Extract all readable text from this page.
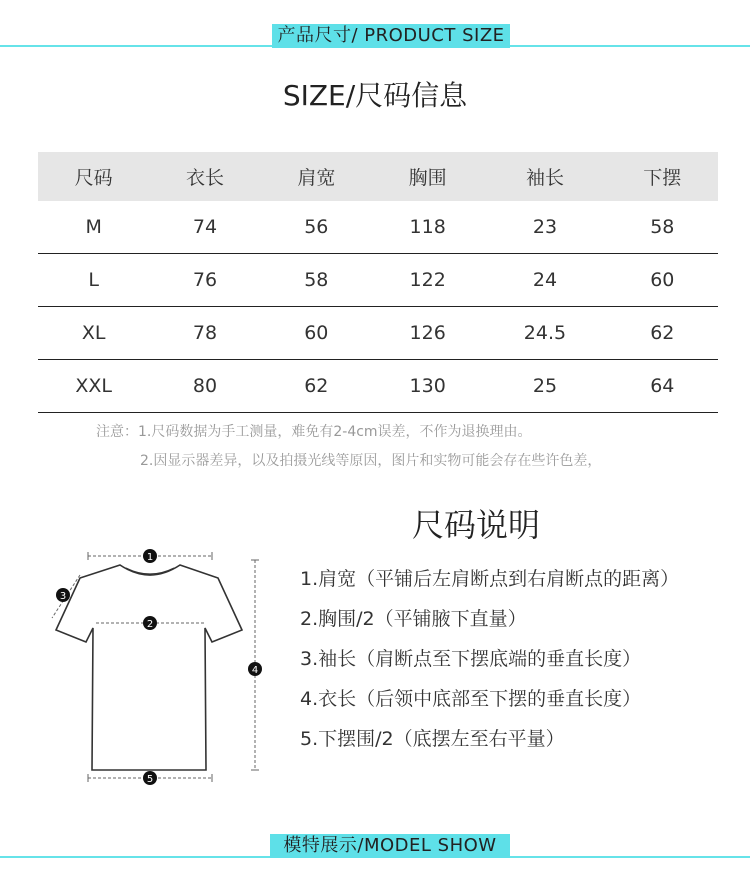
产品尺寸/ PRODUCT SIZE
SIZE/尺码信息
尺码	衣长	肩宽	胸围	袖长	下摆
M	74	56	118	23	58
L	76	58	122	24	60
XL	78	60	126	24.5	62
XXL	80	62	130	25	64
注意：1.尺码数据为手工测量，难免有2-4cm误差，不作为退换理由。
2.因显示器差异，以及拍摄光线等原因，图片和实物可能会存在些许色差，
尺码说明
1
2
3
4
5
1.肩宽（平铺后左肩断点到右肩断点的距离）
2.胸围/2（平铺腋下直量）
3.袖长（肩断点至下摆底端的垂直长度）
4.衣长（后领中底部至下摆的垂直长度）
5.下摆围/2（底摆左至右平量）
模特展示/MODEL SHOW
